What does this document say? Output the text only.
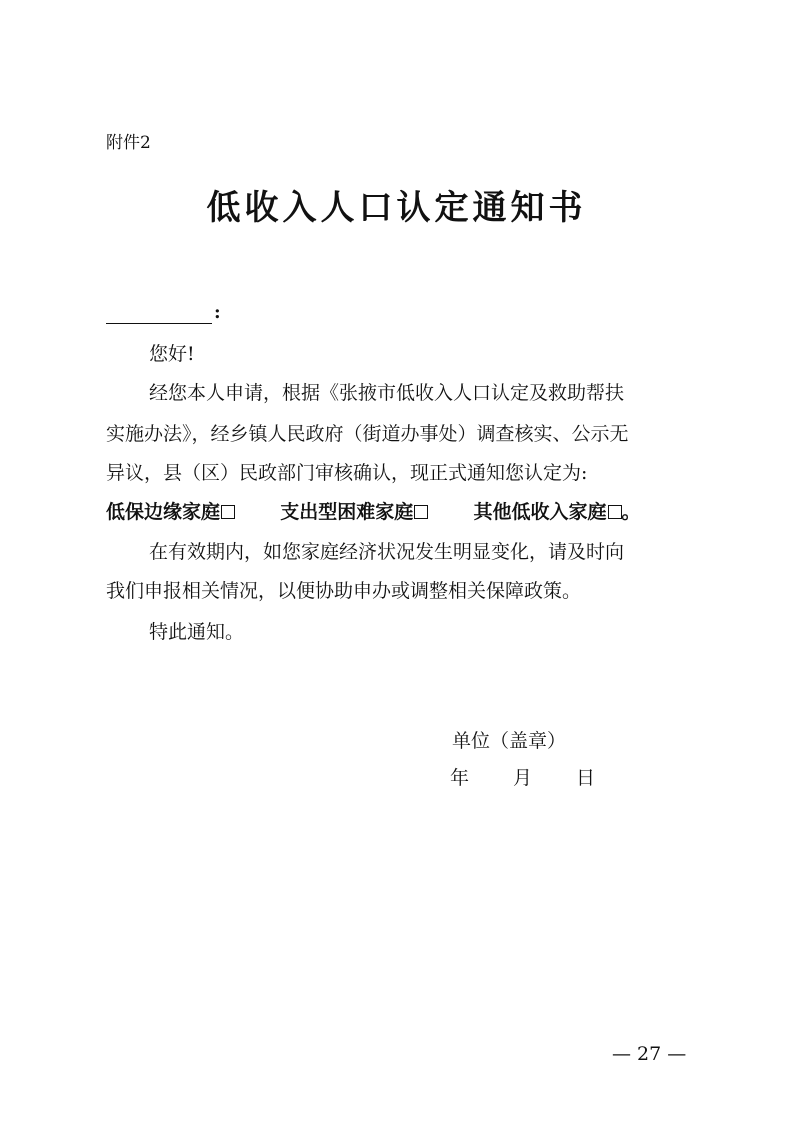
附件2
低收入人口认定通知书
:
您好!
经您本人申请，根据《张掖市低收入人口认定及救助帮扶
实施办法》，经乡镇人民政府（街道办事处）调查核实、公示无
异议，县（区）民政部门审核确认，现正式通知您认定为:
低保边缘家庭	支出型困难家庭	其他低收入家庭 。
在有效期内，如您家庭经济状况发生明显变化，请及时向
我们申报相关情况，以便协助申办或调整相关保障政策。
特此通知。
单位（盖章）
年 月 日
— 27 —
